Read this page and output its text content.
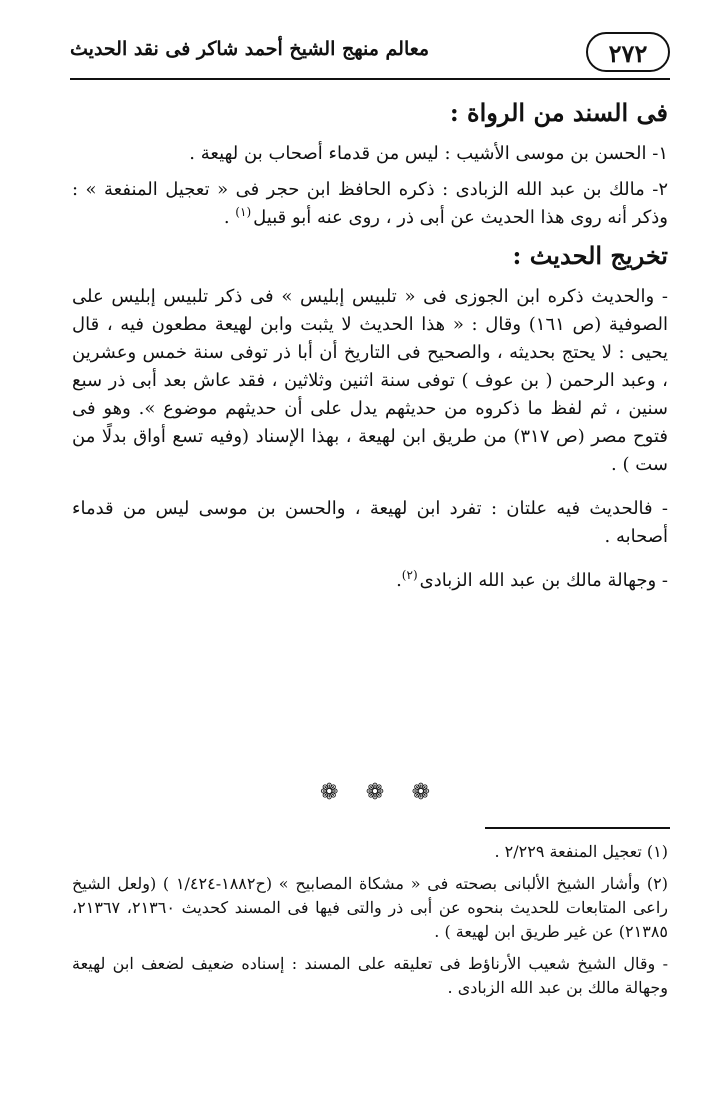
٢٧٢
معالم منهج الشيخ أحمد شاكر فى نقد الحديث
فى السند من الرواة :
١- الحسن بن موسى الأشيب : ليس من قدماء أصحاب بن لهيعة .
٢- مالك بن عبد الله الزبادى : ذكره الحافظ ابن حجر فى « تعجيل المنفعة » : وذكر أنه روى هذا الحديث عن أبى ذر ، روى عنه أبو قبيل$^{(١)}$ .
تخريج الحديث :

- والحديث ذكره ابن الجوزى فى « تلبيس إبليس » فى ذكر تلبيس إبليس على الصوفية (ص ١٦١) وقال : « هذا الحديث لا يثبت وابن لهيعة مطعون فيه ، قال يحيى : لا يحتج بحديثه ، والصحيح فى التاريخ أن أبا ذر توفى سنة خمس وعشرين ، وعبد الرحمن ( بن عوف ) توفى سنة اثنين وثلاثين ، فقد عاش بعد أبى ذر سبع سنين ، ثم لفظ ما ذكروه من حديثهم يدل على أن حديثهم موضوع ». وهو فى فتوح مصر (ص ٣١٧) من طريق ابن لهيعة ، بهذا الإسناد (وفيه تسع أواق بدلًا من ست ) .

- فالحديث فيه علتان : تفرد ابن لهيعة ، والحسن بن موسى ليس من قدماء أصحابه .

- وجهالة مالك بن عبد الله الزبادى$^{(٢)}$.

❁ ❁ ❁

(١) تعجيل المنفعة ٢/٢٢٩ .

(٢) وأشار الشيخ الألبانى بصحته فى « مشكاة المصابيح » (ح١٨٨٢-١/٤٢٤ ) (ولعل الشيخ راعى المتابعات للحديث بنحوه عن أبى ذر والتى فيها فى المسند كحديث ٢١٣٦٠، ٢١٣٦٧، ٢١٣٨٥) عن غير طريق ابن لهيعة ) .

- وقال الشيخ شعيب الأرناؤط فى تعليقه على المسند : إسناده ضعيف لضعف ابن لهيعة وجهالة مالك بن عبد الله الزبادى .
